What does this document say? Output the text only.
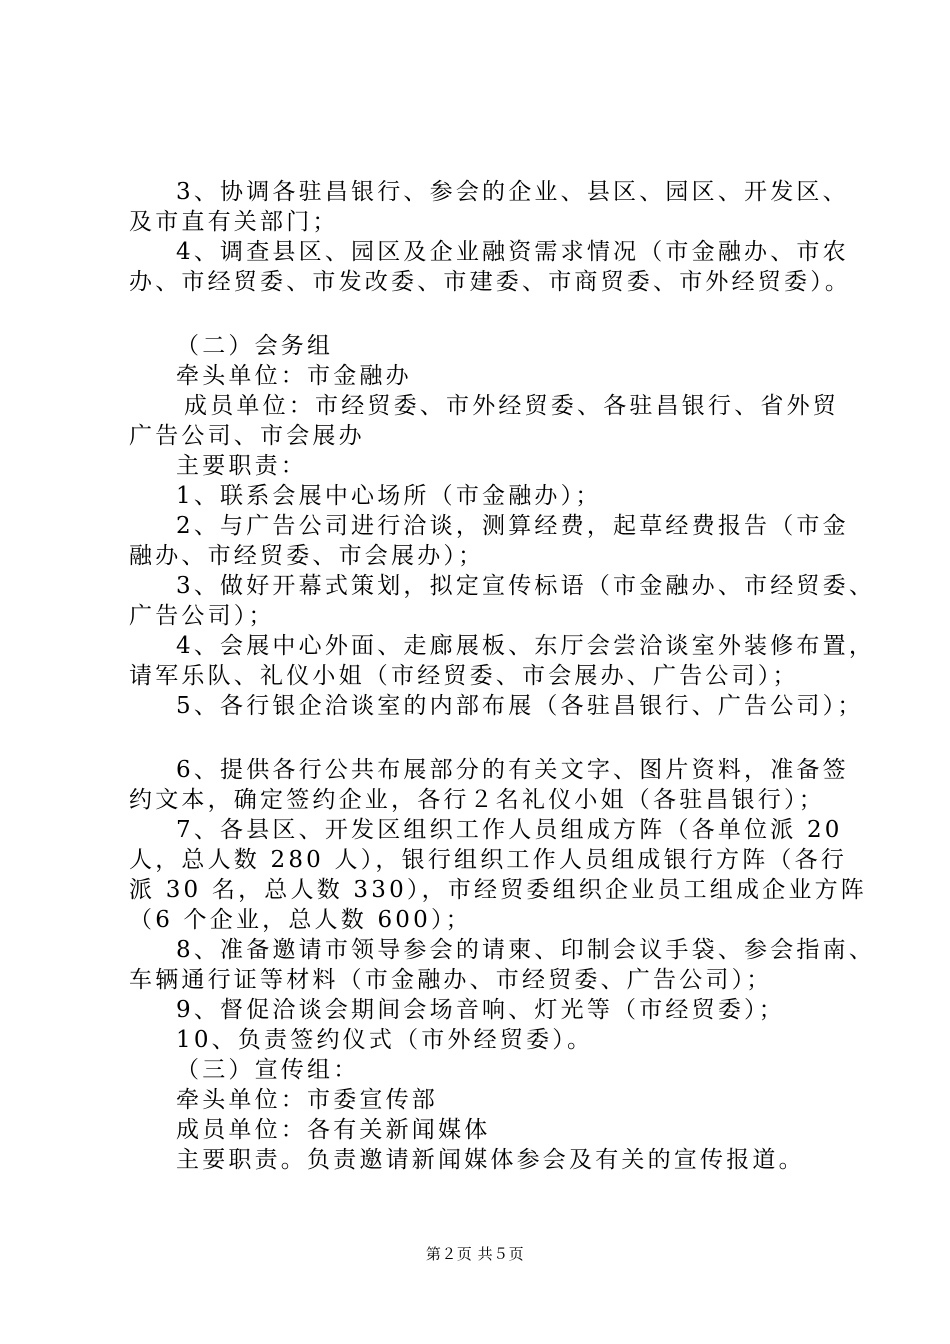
3、协调各驻昌银行、参会的企业、县区、园区、开发区、
及市直有关部门；
4、调查县区、园区及企业融资需求情况（市金融办、市农
办、市经贸委、市发改委、市建委、市商贸委、市外经贸委）。
（二）会务组
牵头单位：市金融办
成员单位：市经贸委、市外经贸委、各驻昌银行、省外贸
广告公司、市会展办
主要职责：
1、联系会展中心场所（市金融办）；
2、与广告公司进行洽谈，测算经费，起草经费报告（市金
融办、市经贸委、市会展办）；
3、做好开幕式策划，拟定宣传标语（市金融办、市经贸委、
广告公司）；
4、会展中心外面、走廊展板、东厅会尝洽谈室外装修布置，
请军乐队、礼仪小姐（市经贸委、市会展办、广告公司）；
5、各行银企洽谈室的内部布展（各驻昌银行、广告公司）；
6、提供各行公共布展部分的有关文字、图片资料，准备签
约文本，确定签约企业，各行２名礼仪小姐（各驻昌银行）；
7、各县区、开发区组织工作人员组成方阵（各单位派 20
人，总人数 280 人），银行组织工作人员组成银行方阵（各行
派 30 名，总人数 330），市经贸委组织企业员工组成企业方阵
（6 个企业，总人数 600）；
8、准备邀请市领导参会的请柬、印制会议手袋、参会指南、
车辆通行证等材料（市金融办、市经贸委、广告公司）；
9、督促洽谈会期间会场音响、灯光等（市经贸委）；
10、负责签约仪式（市外经贸委）。
（三）宣传组：
牵头单位：市委宣传部
成员单位：各有关新闻媒体
主要职责。负责邀请新闻媒体参会及有关的宣传报道。
第２页 共５页
